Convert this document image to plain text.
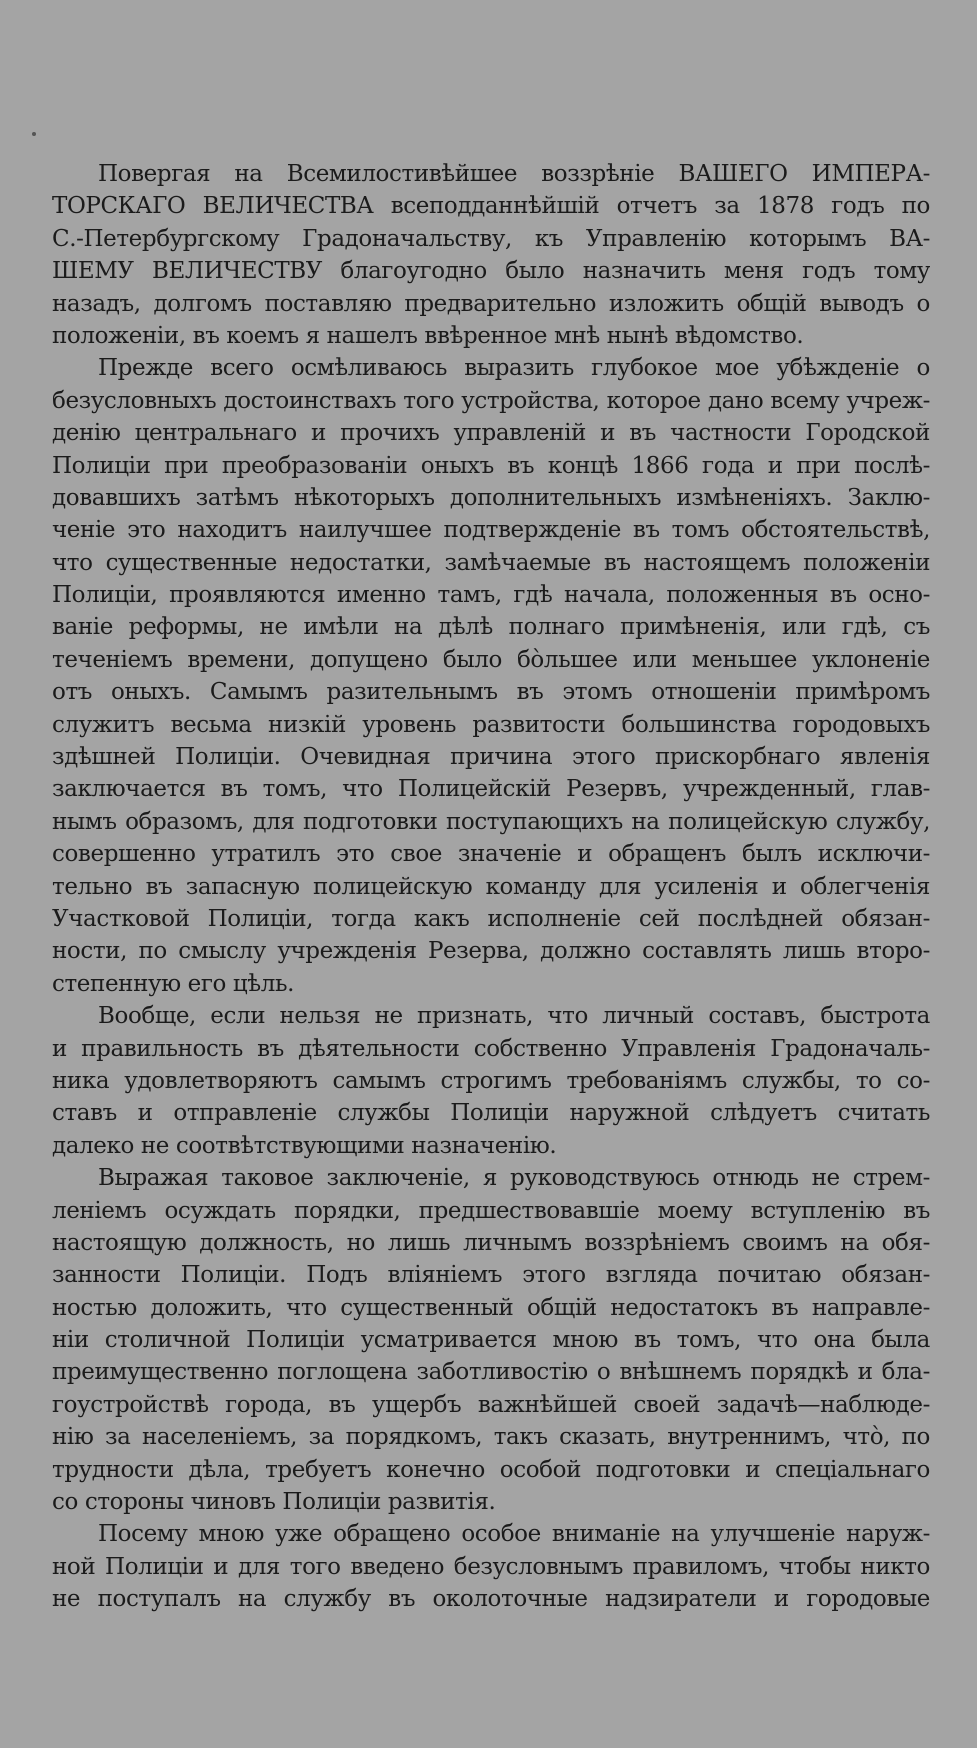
Повергая на Всемилостивѣйшее воззрѣніе ВАШЕГО ИМПЕРА-
ТОРСКАГО ВЕЛИЧЕСТВА всеподданнѣйшій отчетъ за 1878 годъ по
С.-Петербургскому Градоначальству, къ Управленію которымъ ВА-
ШЕМУ ВЕЛИЧЕСТВУ благоугодно было назначить меня годъ тому
назадъ, долгомъ поставляю предварительно изложить общій выводъ о
положеніи, въ коемъ я нашелъ ввѣренное мнѣ нынѣ вѣдомство.
Прежде всего осмѣливаюсь выразить глубокое мое убѣжденіе о
безусловныхъ достоинствахъ того устройства, которое дано всему учреж-
денію центральнаго и прочихъ управленій и въ частности Городской
Полиціи при преобразованіи оныхъ въ концѣ 1866 года и при послѣ-
довавшихъ затѣмъ нѣкоторыхъ дополнительныхъ измѣненіяхъ. Заклю-
ченіе это находитъ наилучшее подтвержденіе въ томъ обстоятельствѣ,
что существенные недостатки, замѣчаемые въ настоящемъ положеніи
Полиціи, проявляются именно тамъ, гдѣ начала, положенныя въ осно-
ваніе реформы, не имѣли на дѣлѣ полнаго примѣненія, или гдѣ, съ
теченіемъ времени, допущено было бо̀льшее или меньшее уклоненіе
отъ оныхъ. Самымъ разительнымъ въ этомъ отношеніи примѣромъ
служитъ весьма низкій уровень развитости большинства городовыхъ
здѣшней Полиціи. Очевидная причина этого прискорбнаго явленія
заключается въ томъ, что Полицейскій Резервъ, учрежденный, глав-
нымъ образомъ, для подготовки поступающихъ на полицейскую службу,
совершенно утратилъ это свое значеніе и обращенъ былъ исключи-
тельно въ запасную полицейскую команду для усиленія и облегченія
Участковой Полиціи, тогда какъ исполненіе сей послѣдней обязан-
ности, по смыслу учрежденія Резерва, должно составлять лишь второ-
степенную его цѣль.
Вообще, если нельзя не признать, что личный составъ, быстрота
и правильность въ дѣятельности собственно Управленія Градоначаль-
ника удовлетворяютъ самымъ строгимъ требованіямъ службы, то со-
ставъ и отправленіе службы Полиціи наружной слѣдуетъ считать
далеко не соотвѣтствующими назначенію.
Выражая таковое заключеніе, я руководствуюсь отнюдь не стрем-
леніемъ осуждать порядки, предшествовавшіе моему вступленію въ
настоящую должность, но лишь личнымъ воззрѣніемъ своимъ на обя-
занности Полиціи. Подъ вліяніемъ этого взгляда почитаю обязан-
ностью доложить, что существенный общій недостатокъ въ направле-
ніи столичной Полиціи усматривается мною въ томъ, что она была
преимущественно поглощена заботливостію о внѣшнемъ порядкѣ и бла-
гоустройствѣ города, въ ущербъ важнѣйшей своей задачѣ—наблюде-
нію за населеніемъ, за порядкомъ, такъ сказать, внутреннимъ, что̀, по
трудности дѣла, требуетъ конечно особой подготовки и спеціальнаго
со стороны чиновъ Полиціи развитія.
Посему мною уже обращено особое вниманіе на улучшеніе наруж-
ной Полиціи и для того введено безусловнымъ правиломъ, чтобы никто
не поступалъ на службу въ околоточные надзиратели и городовые
